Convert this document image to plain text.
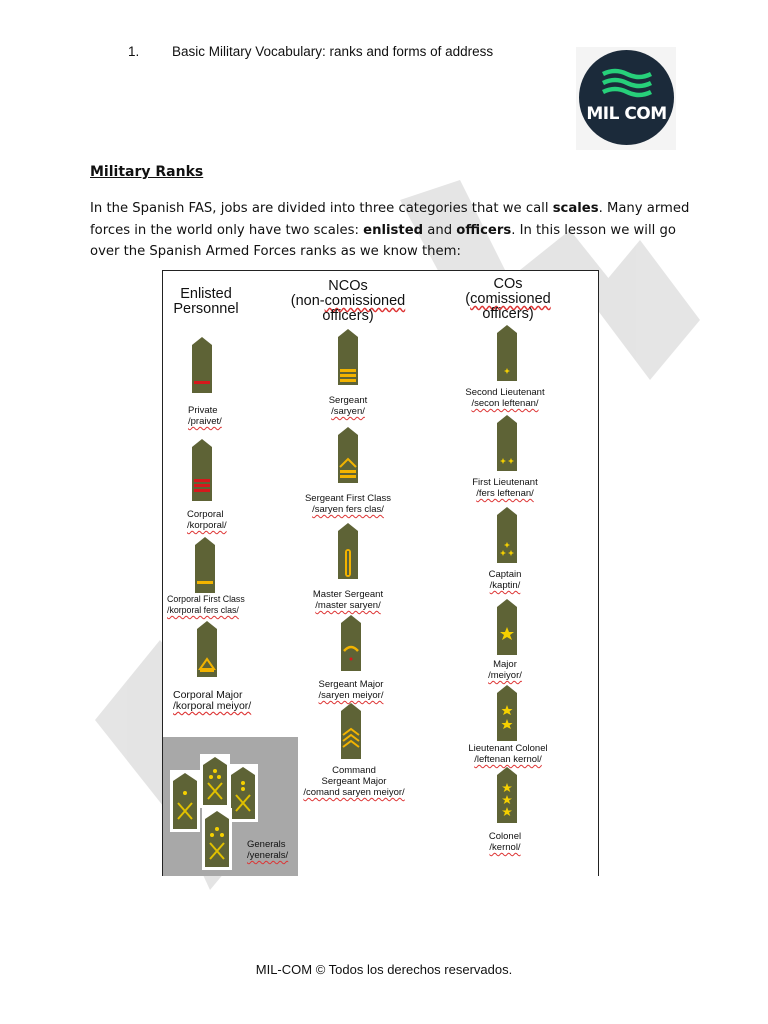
1. Basic Military Vocabulary: ranks and forms of address
MIL COM
Military Ranks
In the Spanish FAS, jobs are divided into three categories that we call scales. Many armed forces in the world only have two scales: enlisted and officers. In this lesson we will go over the Spanish Armed Forces ranks as we know them:
Enlisted
Personnel
NCOs
(non-comissioned
officers)
COs
(comissioned
officers)
Generals
/yenerals/
Private
/praivet/
Corporal
/korporal/
Corporal First Class
/korporal fers clas/
Corporal Major
/korporal meiyor/
Sergeant
/saryen/
Sergeant First Class
/saryen fers clas/
Master Sergeant
/master saryen/
Sergeant Major
/saryen meiyor/
Command
Sergeant Major
/comand saryen meiyor/
Second Lieutenant
/secon leftenan/
First Lieutenant
/fers leftenan/
Captain
/kaptin/
Major
/meiyor/
Lieutenant Colonel
/leftenan kernol/
Colonel
/kernol/
MIL-COM © Todos los derechos reservados.
